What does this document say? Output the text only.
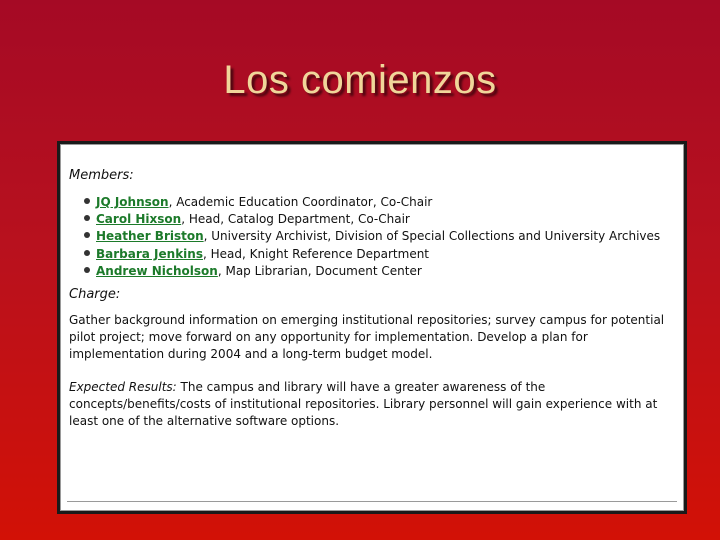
Los comienzos

Members:

JQ Johnson, Academic Education Coordinator, Co-Chair
Carol Hixson, Head, Catalog Department, Co-Chair
Heather Briston, University Archivist, Division of Special Collections and University Archives
Barbara Jenkins, Head, Knight Reference Department
Andrew Nicholson, Map Librarian, Document Center

Charge:

Gather background information on emerging institutional repositories; survey campus for potential pilot project; move forward on any opportunity for implementation. Develop a plan for implementation during 2004 and a long-term budget model.

Expected Results: The campus and library will have a greater awareness of the concepts/benefits/costs of institutional repositories. Library personnel will gain experience with at least one of the alternative software options.
